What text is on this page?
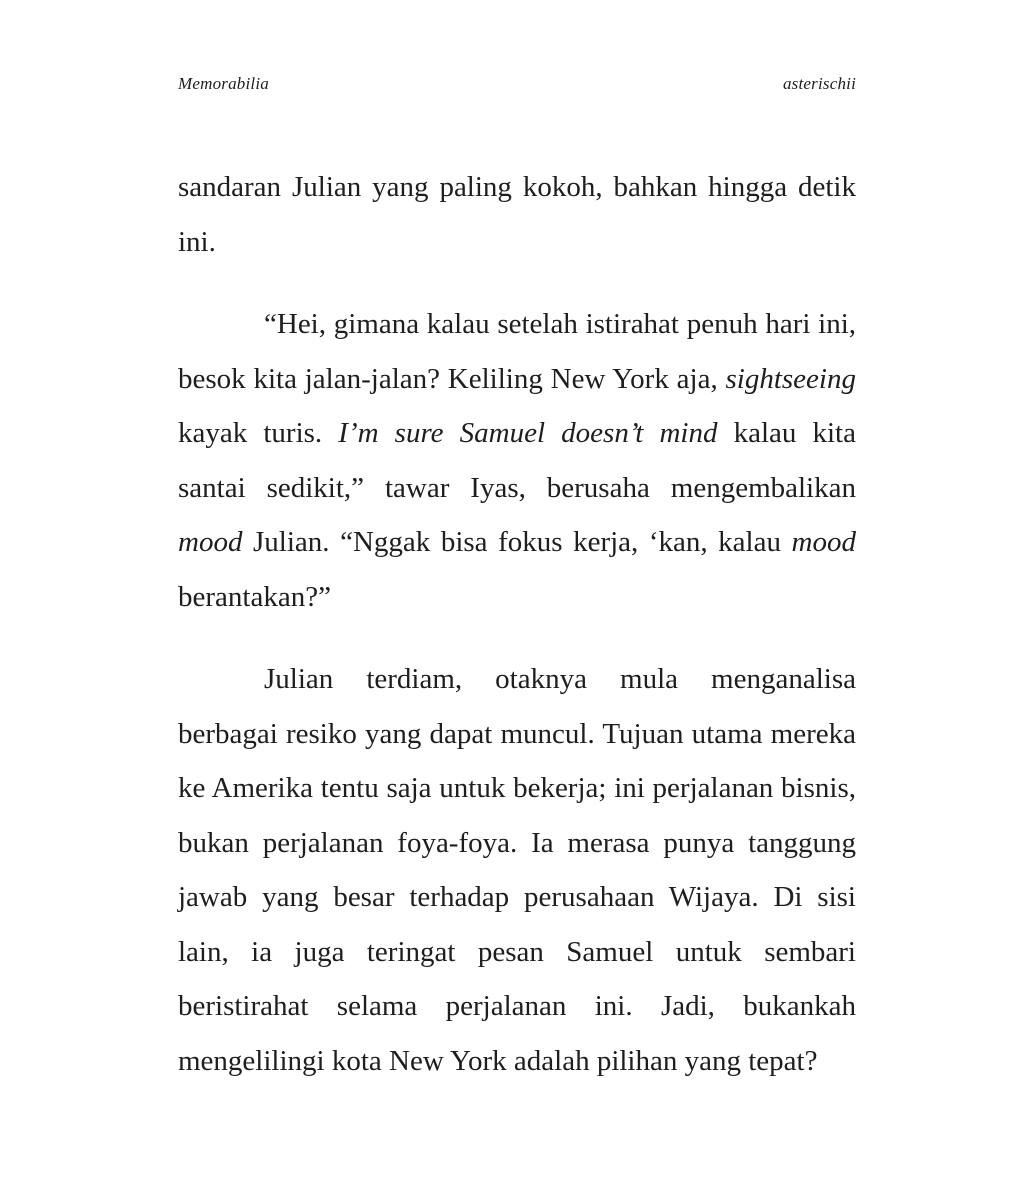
Memorabilia	asterischii

sandaran Julian yang paling kokoh, bahkan hingga detik ini.

“Hei, gimana kalau setelah istirahat penuh hari ini, besok kita jalan-jalan? Keliling New York aja, sightseeing kayak turis. I’m sure Samuel doesn’t mind kalau kita santai sedikit,” tawar Iyas, berusaha mengembalikan mood Julian. “Nggak bisa fokus kerja, ‘kan, kalau mood berantakan?”

Julian terdiam, otaknya mula menganalisa berbagai resiko yang dapat muncul. Tujuan utama mereka ke Amerika tentu saja untuk bekerja; ini perjalanan bisnis, bukan perjalanan foya-foya. Ia merasa punya tanggung jawab yang besar terhadap perusahaan Wijaya. Di sisi lain, ia juga teringat pesan Samuel untuk sembari beristirahat selama perjalanan ini. Jadi, bukankah mengelilingi kota New York adalah pilihan yang tepat?
